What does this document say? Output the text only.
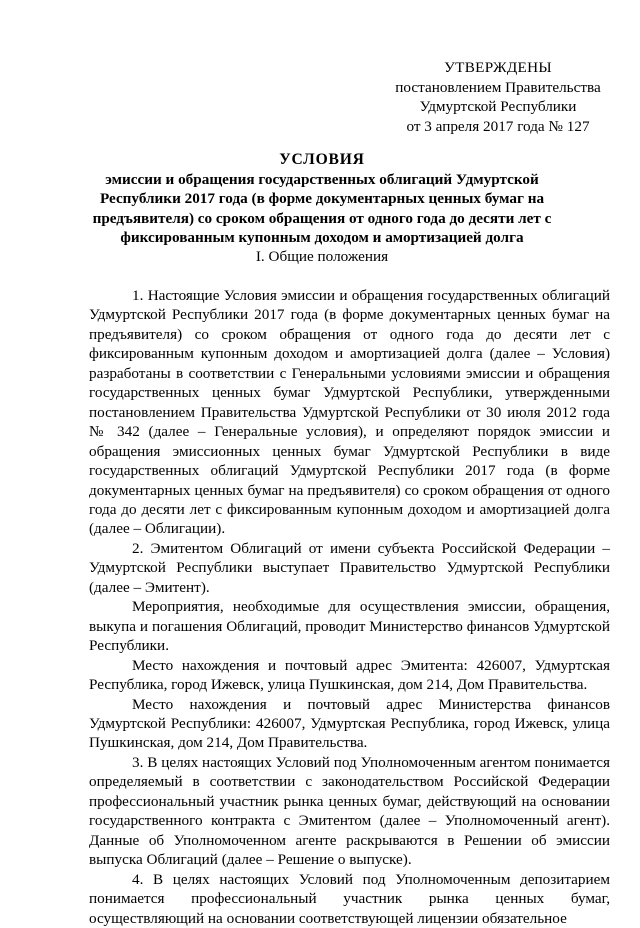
УТВЕРЖДЕНЫ
постановлением Правительства
Удмуртской Республики
от 3 апреля 2017 года № 127
УСЛОВИЯ
эмиссии и обращения государственных облигаций Удмуртской
Республики 2017 года (в форме документарных ценных бумаг на
предъявителя) со сроком обращения от одного года до десяти лет с
фиксированным купонным доходом и амортизацией долга
I. Общие положения

1. Настоящие Условия эмиссии и обращения государственных облигаций Удмуртской Республики 2017 года (в форме документарных ценных бумаг на предъявителя) со сроком обращения от одного года до десяти лет с фиксированным купонным доходом и амортизацией долга (далее – Условия) разработаны в соответствии с Генеральными условиями эмиссии и обращения государственных ценных бумаг Удмуртской Республики, утвержденными постановлением Правительства Удмуртской Республики от 30 июля 2012 года № 342 (далее – Генеральные условия), и определяют порядок эмиссии и обращения эмиссионных ценных бумаг Удмуртской Республики в виде государственных облигаций Удмуртской Республики 2017 года (в форме документарных ценных бумаг на предъявителя) со сроком обращения от одного года до десяти лет с фиксированным купонным доходом и амортизацией долга (далее – Облигации).

2. Эмитентом Облигаций от имени субъекта Российской Федерации – Удмуртской Республики выступает Правительство Удмуртской Республики (далее – Эмитент).

Мероприятия, необходимые для осуществления эмиссии, обращения, выкупа и погашения Облигаций, проводит Министерство финансов Удмуртской Республики.

Место нахождения и почтовый адрес Эмитента: 426007, Удмуртская Республика, город Ижевск, улица Пушкинская, дом 214, Дом Правительства.

Место нахождения и почтовый адрес Министерства финансов Удмуртской Республики: 426007, Удмуртская Республика, город Ижевск, улица Пушкинская, дом 214, Дом Правительства.

3. В целях настоящих Условий под Уполномоченным агентом понимается определяемый в соответствии с законодательством Российской Федерации профессиональный участник рынка ценных бумаг, действующий на основании государственного контракта с Эмитентом (далее – Уполномоченный агент). Данные об Уполномоченном агенте раскрываются в Решении об эмиссии выпуска Облигаций (далее – Решение о выпуске).

4. В целях настоящих Условий под Уполномоченным депозитарием понимается профессиональный участник рынка ценных бумаг, осуществляющий на основании соответствующей лицензии обязательное
